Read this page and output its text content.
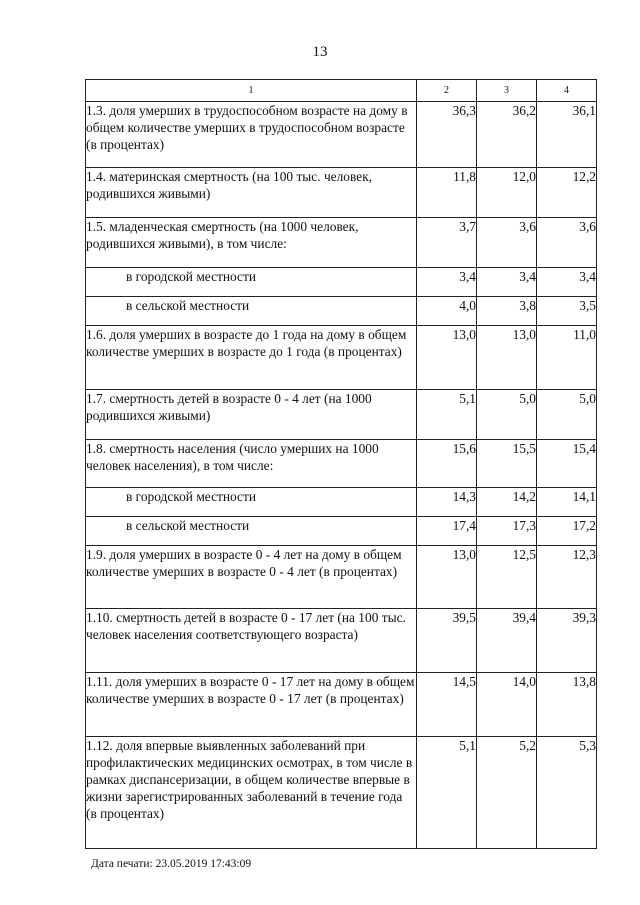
13
1	2	3	4
1.3. доля умерших в трудоспособном возрасте на дому в общем количестве умерших в трудоспособном возрасте (в процентах)	36,3	36,2	36,1
1.4. материнская смертность (на 100 тыс. человек, родившихся живыми)	11,8	12,0	12,2
1.5. младенческая смертность (на 1000 человек, родившихся живыми), в том числе:	3,7	3,6	3,6
в городской местности	3,4	3,4	3,4
в сельской местности	4,0	3,8	3,5
1.6. доля умерших в возрасте до 1 года на дому в общем количестве умерших в возрасте до 1 года (в процентах)	13,0	13,0	11,0
1.7. смертность детей в возрасте 0 - 4 лет (на 1000 родившихся живыми)	5,1	5,0	5,0
1.8. смертность населения (число умерших на 1000 человек населения), в том числе:	15,6	15,5	15,4
в городской местности	14,3	14,2	14,1
в сельской местности	17,4	17,3	17,2
1.9. доля умерших в возрасте 0 - 4 лет на дому в общем количестве умерших в возрасте 0 - 4 лет (в процентах)	13,0	12,5	12,3
1.10. смертность детей в возрасте 0 - 17 лет (на 100 тыс. человек населения соответствующего возраста)	39,5	39,4	39,3
1.11. доля умерших в возрасте 0 - 17 лет на дому в общем количестве умерших в возрасте 0 - 17 лет (в процентах)	14,5	14,0	13,8
1.12. доля впервые выявленных заболеваний при профилактических медицинских осмотрах, в том числе в рамках диспансеризации, в общем количестве впервые в жизни зарегистрированных заболеваний в течение года (в процентах)	5,1	5,2	5,3
Дата печати: 23.05.2019 17:43:09
